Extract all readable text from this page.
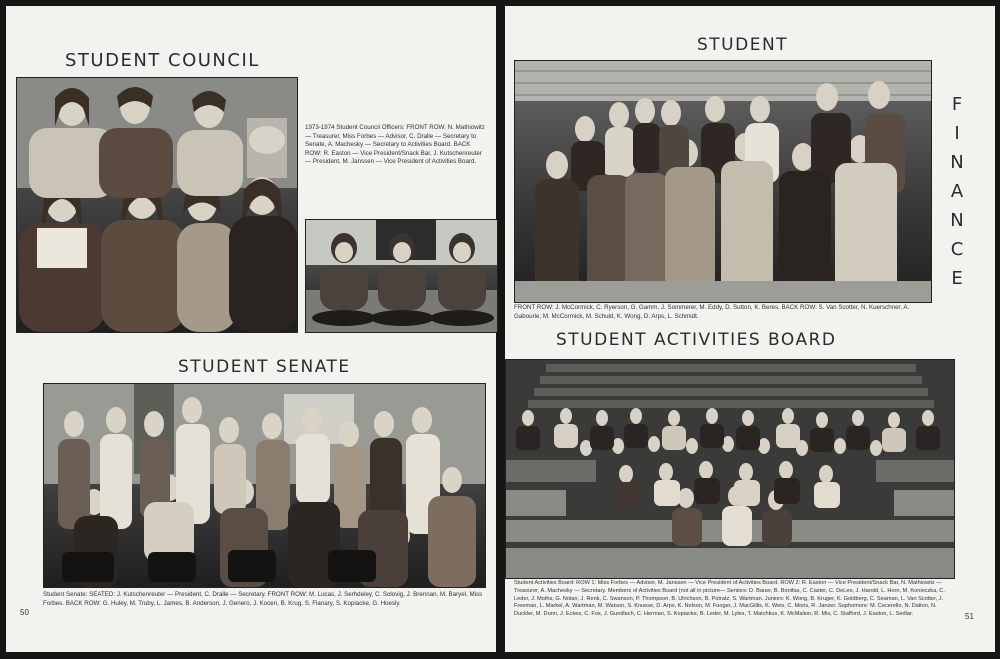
STUDENT COUNCIL

1973-1974 Student Council Officers: FRONT ROW: N. Mathiowitz — Treasurer, Miss Forbes — Advisor, C. Dralle — Secretary to Senate, A. Machesky — Secretary to Activities Board. BACK ROW: R. Easton — Vice President/Snack Bar, J. Kutschenreuter — President, M. Janssen — Vice President of Activities Board.

STUDENT SENATE

Student Senate: SEATED: J. Kutschenreuter — President, C. Dralle — Secretary. FRONT ROW: M. Lucas, J. Serhdeley, C. Solovig, J. Brennan, M. Baryel, Miss Forbes. BACK ROW: G. Huley, M. Truby, L. James, B. Anderson, J. Genero, J. Kocen, B. Krug, S. Flanary, S. Kopiacke, G. Hoesly.

50
STUDENT
F
I
N
A
N
C
E

FRONT ROW: J. McCormick, C. Ryerson, G. Gamm, J. Sommerer, M. Eddy, D. Sutton, K. Beres. BACK ROW: S. Van Scotter, N. Kuerschner, A. Gabourie, M. McCormick, M. Schuld, K. Wong, D. Arps, L. Schmidt.

STUDENT ACTIVITIES BOARD

Student Activities Board: ROW 1: Miss Forbes — Advisor, M. Janssen — Vice President of Activities Board. ROW 2: R. Easton — Vice President/Snack Bar, N. Mathiowitz — Treasurer, A. Machesky — Secretary. Members of Activities Board (not all in picture— Seniors: D. Bauer, B. Bonifas, C. Caster, C. DeLeo, J. Harold, L. Horn, M. Konieczka, C. Leder, J. Moths, G. Nolan, J. Renk, C. Swanson, P. Thompson, B. Ulrichson, B. Potratz, S. Wartman. Juniors: K. Wong, B. Kruger, K. Goldberg, C. Seaman, L. Van Scotter, J. Freeman, L. Markel, A. Wartman, M. Watson, S. Knuese, D. Arps, K. Nelson, M. Fuoger, J. MacGillis, K. Weis, C. Moris, R. Janzer. Sophomore: M. Cecerello, N. Dalton, N. Duckler, M. Dunn, J. Eckes, C. Fox, J. Gundlach, C. Herman, S. Kopiacke, B. Leder, M. Lyles, T. Matchkus, K. McMalion, R. Mis, C. Stafford, J. Easton, L. Sedlar.	51
